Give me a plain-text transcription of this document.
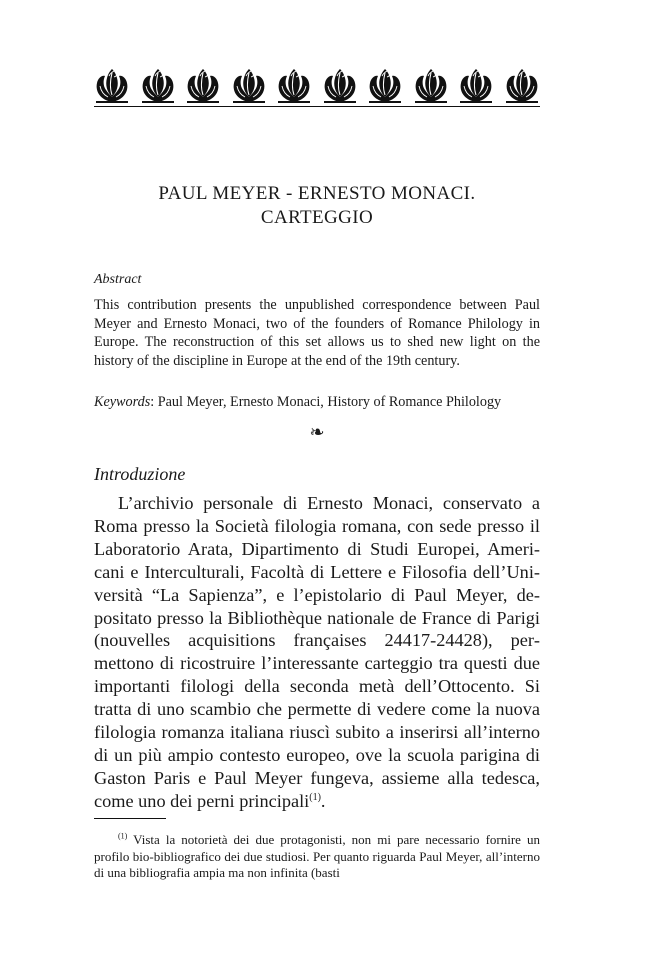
PAUL MEYER - ERNESTO MONACI.
CARTEGGIO
Abstract

This contribution presents the unpublished correspondence between Paul Meyer and Ernesto Monaci, two of the founders of Romance Philology in Europe. The reconstruction of this set allows us to shed new light on the history of the discipline in Europe at the end of the 19th century.

Keywords: Paul Meyer, Ernesto Monaci, History of Romance Philology
❧
Introduzione

L’archivio personale di Ernesto Monaci, conservato a Roma presso la Società filologia romana, con sede presso il Laboratorio Arata, Dipartimento di Studi Europei, Americani e Interculturali, Facoltà di Lettere e Filosofia dell’Università “La Sapienza”, e l’epistolario di Paul Meyer, depositato presso la Bibliothèque nationale de France di Parigi (nouvelles acquisitions françaises 24417-24428), permettono di ricostruire l’interessante carteggio tra questi due importanti filologi della seconda metà dell’Ottocento. Si tratta di uno scambio che permette di vedere come la nuova filologia romanza italiana riuscì subito a inserirsi all’interno di un più ampio contesto europeo, ove la scuola parigina di Gaston Paris e Paul Meyer fungeva, assieme alla tedesca, come uno dei perni principali$^{(1)}$.

$^{(1)}$ Vista la notorietà dei due protagonisti, non mi pare necessario fornire un profilo bio-bibliografico dei due studiosi. Per quanto riguarda Paul Meyer, all’interno di una bibliografia ampia ma non infinita (basti
